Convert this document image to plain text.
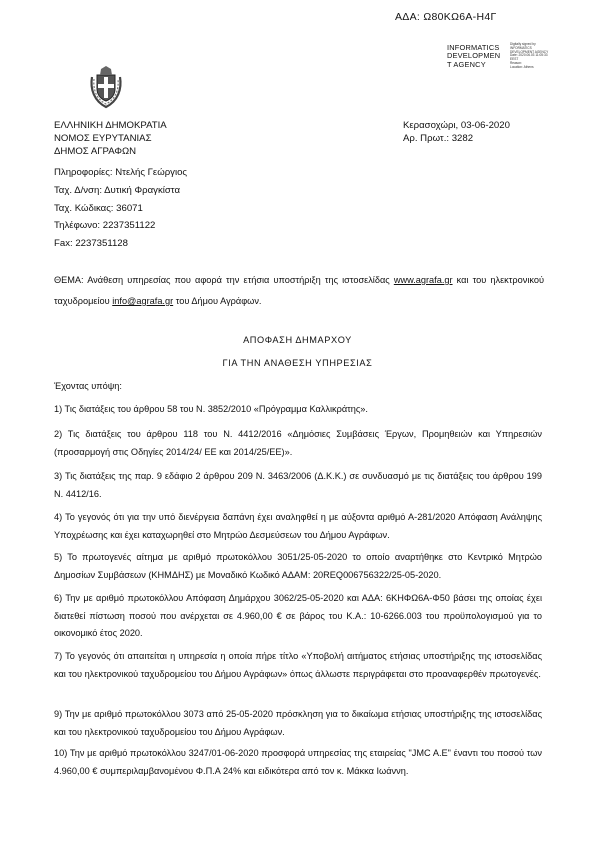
ΑΔΑ: Ω80ΚΩ6Α-Η4Γ
INFORMATICS
DEVELOPMEN
T AGENCY
Digitally signed by
INFORMATICS
DEVELOPMENT AGENCY
Date: 2020.06.03 11:05:33
EEST
Reason:
Location: Athens
ΕΛΛΗΝΙΚΗ ΔΗΜΟΚΡΑΤΙΑ
ΝΟΜΟΣ ΕΥΡΥΤΑΝΙΑΣ
ΔΗΜΟΣ ΑΓΡΑΦΩΝ
Κερασοχώρι, 03-06-2020
Αρ. Πρωτ.: 3282
Πληροφορίες: Ντελής Γεώργιος
Ταχ. Δ/νση: Δυτική Φραγκίστα
Ταχ. Κώδικας: 36071
Τηλέφωνο: 2237351122
Fax: 2237351128
ΘΕΜΑ: Ανάθεση υπηρεσίας που αφορά την ετήσια υποστήριξη της ιστοσελίδας www.agrafa.gr και του ηλεκτρονικού ταχυδρομείου info@agrafa.gr του Δήμου Αγράφων.
ΑΠΟΦΑΣΗ ΔΗΜΑΡΧΟΥ
ΓΙΑ ΤΗΝ ΑΝΑΘΕΣΗ ΥΠΗΡΕΣΙΑΣ
Έχοντας υπόψη:
1) Τις διατάξεις του άρθρου 58 του Ν. 3852/2010 «Πρόγραμμα Καλλικράτης».
2) Τις διατάξεις του άρθρου 118 του Ν. 4412/2016 «Δημόσιες Συμβάσεις Έργων, Προμηθειών και Υπηρεσιών (προσαρμογή στις Οδηγίες 2014/24/ ΕΕ και 2014/25/ΕΕ)».
3) Τις διατάξεις της παρ. 9 εδάφιο 2 άρθρου 209 Ν. 3463/2006 (Δ.Κ.Κ.) σε συνδυασμό με τις διατάξεις του άρθρου 199 Ν. 4412/16.
4) Το γεγονός ότι για την υπό διενέργεια δαπάνη έχει αναληφθεί η με αύξοντα αριθμό Α-281/2020 Απόφαση Ανάληψης Υποχρέωσης και έχει καταχωρηθεί στο Μητρώο Δεσμεύσεων του Δήμου Αγράφων.
5) Το πρωτογενές αίτημα με αριθμό πρωτοκόλλου 3051/25-05-2020 το οποίο αναρτήθηκε στο Κεντρικό Μητρώο Δημοσίων Συμβάσεων (ΚΗΜΔΗΣ) με Μοναδικό Κωδικό ΑΔΑΜ: 20REQ006756322/25-05-2020.
6) Την με αριθμό πρωτοκόλλου Απόφαση Δημάρχου 3062/25-05-2020 και ΑΔΑ: 6ΚΗΦΩ6Α-Φ50 βάσει της οποίας έχει διατεθεί πίστωση ποσού που ανέρχεται σε 4.960,00 € σε βάρος του Κ.Α.: 10-6266.003 του προϋπολογισμού για το οικονομικό έτος 2020.
7) Το γεγονός ότι απαιτείται η υπηρεσία η οποία πήρε τίτλο «Υποβολή αιτήματος ετήσιας υποστήριξης της ιστοσελίδας και του ηλεκτρονικού ταχυδρομείου του Δήμου Αγράφων» όπως άλλωστε περιγράφεται στο προαναφερθέν πρωτογενές.
9) Την με αριθμό πρωτοκόλλου 3073 από 25-05-2020 πρόσκληση για το δικαίωμα ετήσιας υποστήριξης της ιστοσελίδας και του ηλεκτρονικού ταχυδρομείου του Δήμου Αγράφων.
10) Την με αριθμό πρωτοκόλλου 3247/01-06-2020 προσφορά υπηρεσίας της εταιρείας "JMC A.E" έναντι του ποσού των 4.960,00 € συμπεριλαμβανομένου Φ.Π.Α 24% και ειδικότερα από τον κ. Μάκκα Ιωάννη.
